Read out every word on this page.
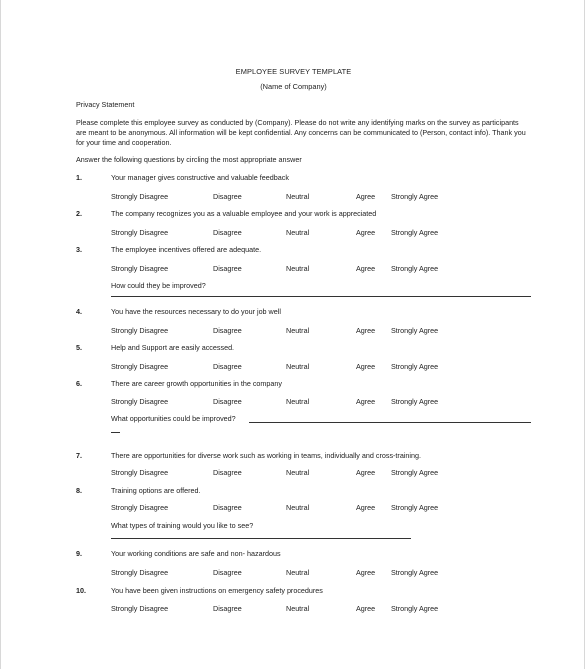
EMPLOYEE SURVEY TEMPLATE
(Name of Company)
Privacy Statement
Please complete this employee survey as conducted by (Company). Please do not write any identifying marks on the survey as participants are meant to be anonymous. All information will be kept confidential. Any concerns can be communicated to (Person, contact info). Thank you for your time and cooperation.
Answer the following questions by circling the most appropriate answer
1.	Your manager gives constructive and valuable feedback
Strongly Disagree	Disagree	Neutral	Agree Strongly Agree
2.	The company recognizes you as a valuable employee and your work is appreciated
Strongly Disagree	Disagree	Neutral	Agree Strongly Agree
3.	The employee incentives offered are adequate.
Strongly Disagree	Disagree	Neutral	Agree Strongly Agree
How could they be improved?
4.	You have the resources necessary to do your job well
Strongly Disagree	Disagree	Neutral	Agree Strongly Agree
5.	Help and Support are easily accessed.
Strongly Disagree	Disagree	Neutral	Agree Strongly Agree
6.	There are career growth opportunities in the company
Strongly Disagree	Disagree	Neutral	Agree Strongly Agree
What opportunities could be improved?
7.	There are opportunities for diverse work such as working in teams, individually and cross-training.
Strongly Disagree	Disagree	Neutral	Agree Strongly Agree
8.	Training options are offered.
Strongly Disagree	Disagree	Neutral	Agree Strongly Agree
What types of training would you like to see?
9.	Your working conditions are safe and non- hazardous
Strongly Disagree	Disagree	Neutral	Agree Strongly Agree
10.	You have been given instructions on emergency safety procedures
Strongly Disagree	Disagree	Neutral	Agree Strongly Agree
